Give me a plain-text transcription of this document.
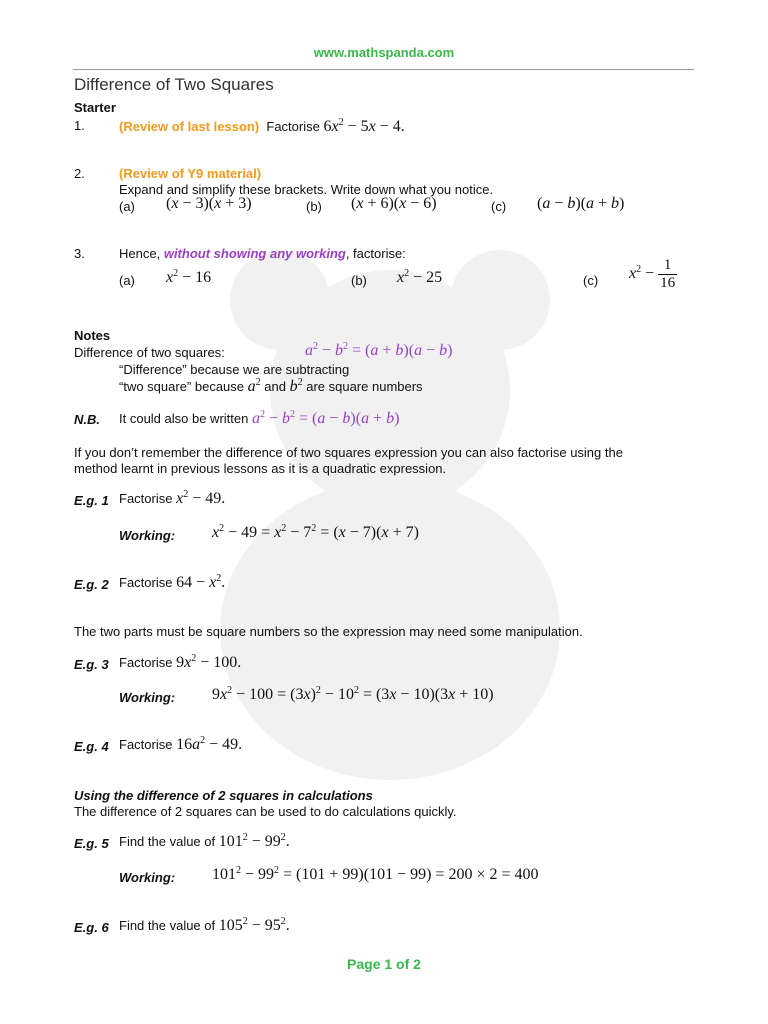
www.mathspanda.com
Difference of Two Squares
Starter
1.	(Review of last lesson) Factorise $6x^2 - 5x - 4$.
2.	(Review of Y9 material)
Expand and simplify these brackets. Write down what you notice.
(a) (x − 3)(x + 3)	(b) (x + 6)(x − 6)	(c) (a − b)(a + b)
3.	Hence, without showing any working, factorise:
(a) $x^2 - 16$	(b) $x^2 - 25$	(c) $x^2 - \frac{1}{16}$
Notes
Difference of two squares:	$a^2 - b^2 = (a + b)(a - b)$
“Difference” because we are subtracting
“two square” because $a^2$ and $b^2$ are square numbers
N.B. It could also be written $a^2 - b^2 = (a - b)(a + b)$
If you don’t remember the difference of two squares expression you can also factorise using the
method learnt in previous lessons as it is a quadratic expression.
E.g. 1 Factorise $x^2 - 49$.
Working: $x^2 - 49 = x^2 - 7^2 = (x - 7)(x + 7)$
E.g. 2 Factorise $64 - x^2$.
The two parts must be square numbers so the expression may need some manipulation.
E.g. 3 Factorise $9x^2 - 100$.
Working: $9x^2 - 100 = (3x)^2 - 10^2 = (3x - 10)(3x + 10)$
E.g. 4 Factorise $16a^2 - 49$.
Using the difference of 2 squares in calculations
The difference of 2 squares can be used to do calculations quickly.
E.g. 5 Find the value of $101^2 - 99^2$.
Working: $101^2 - 99^2 = (101 + 99)(101 - 99) = 200 \times 2 = 400$
E.g. 6 Find the value of $105^2 - 95^2$.
Page 1 of 2
